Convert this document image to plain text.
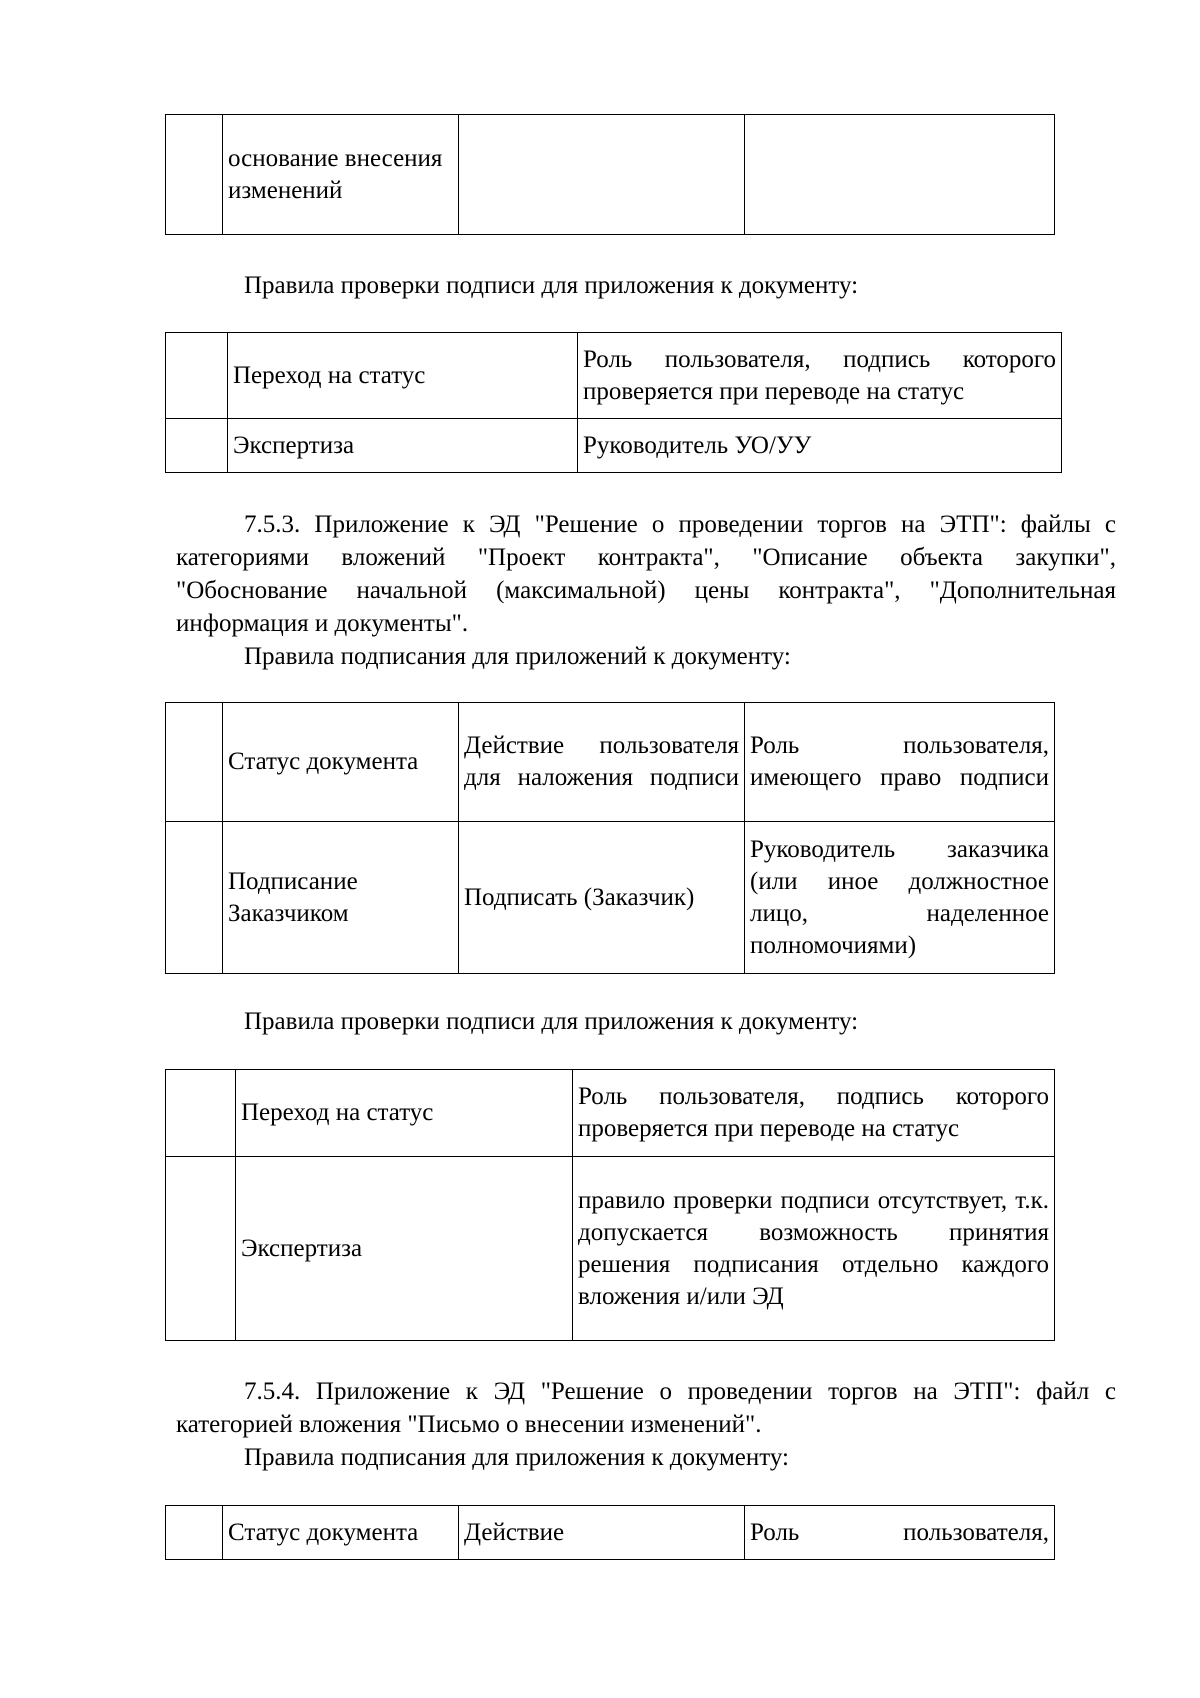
	основание внесения изменений		
Правила проверки подписи для приложения к документу:
	Переход на статус	Роль пользователя, подпись которого проверяется при переводе на статус
	Экспертиза	Руководитель УО/УУ
7.5.3. Приложение к ЭД "Решение о проведении торгов на ЭТП": файлы с категориями вложений "Проект контракта", "Описание объекта закупки", "Обоснование начальной (максимальной) цены контракта", "Дополнительная информация и документы".
Правила подписания для приложений к документу:
	Статус документа	Действие пользователя для наложения подписи	Роль пользователя, имеющего право подписи
	Подписание Заказчиком	Подписать (Заказчик)	Руководитель заказчика (или иное должностное лицо, наделенное полномочиями)
Правила проверки подписи для приложения к документу:
	Переход на статус	Роль пользователя, подпись которого проверяется при переводе на статус
	Экспертиза	правило проверки подписи отсутствует, т.к. допускается возможность принятия решения подписания отдельно каждого вложения и/или ЭД
7.5.4. Приложение к ЭД "Решение о проведении торгов на ЭТП": файл с категорией вложения "Письмо о внесении изменений".
Правила подписания для приложения к документу:
	Статус документа	Действие	Роль пользователя,
